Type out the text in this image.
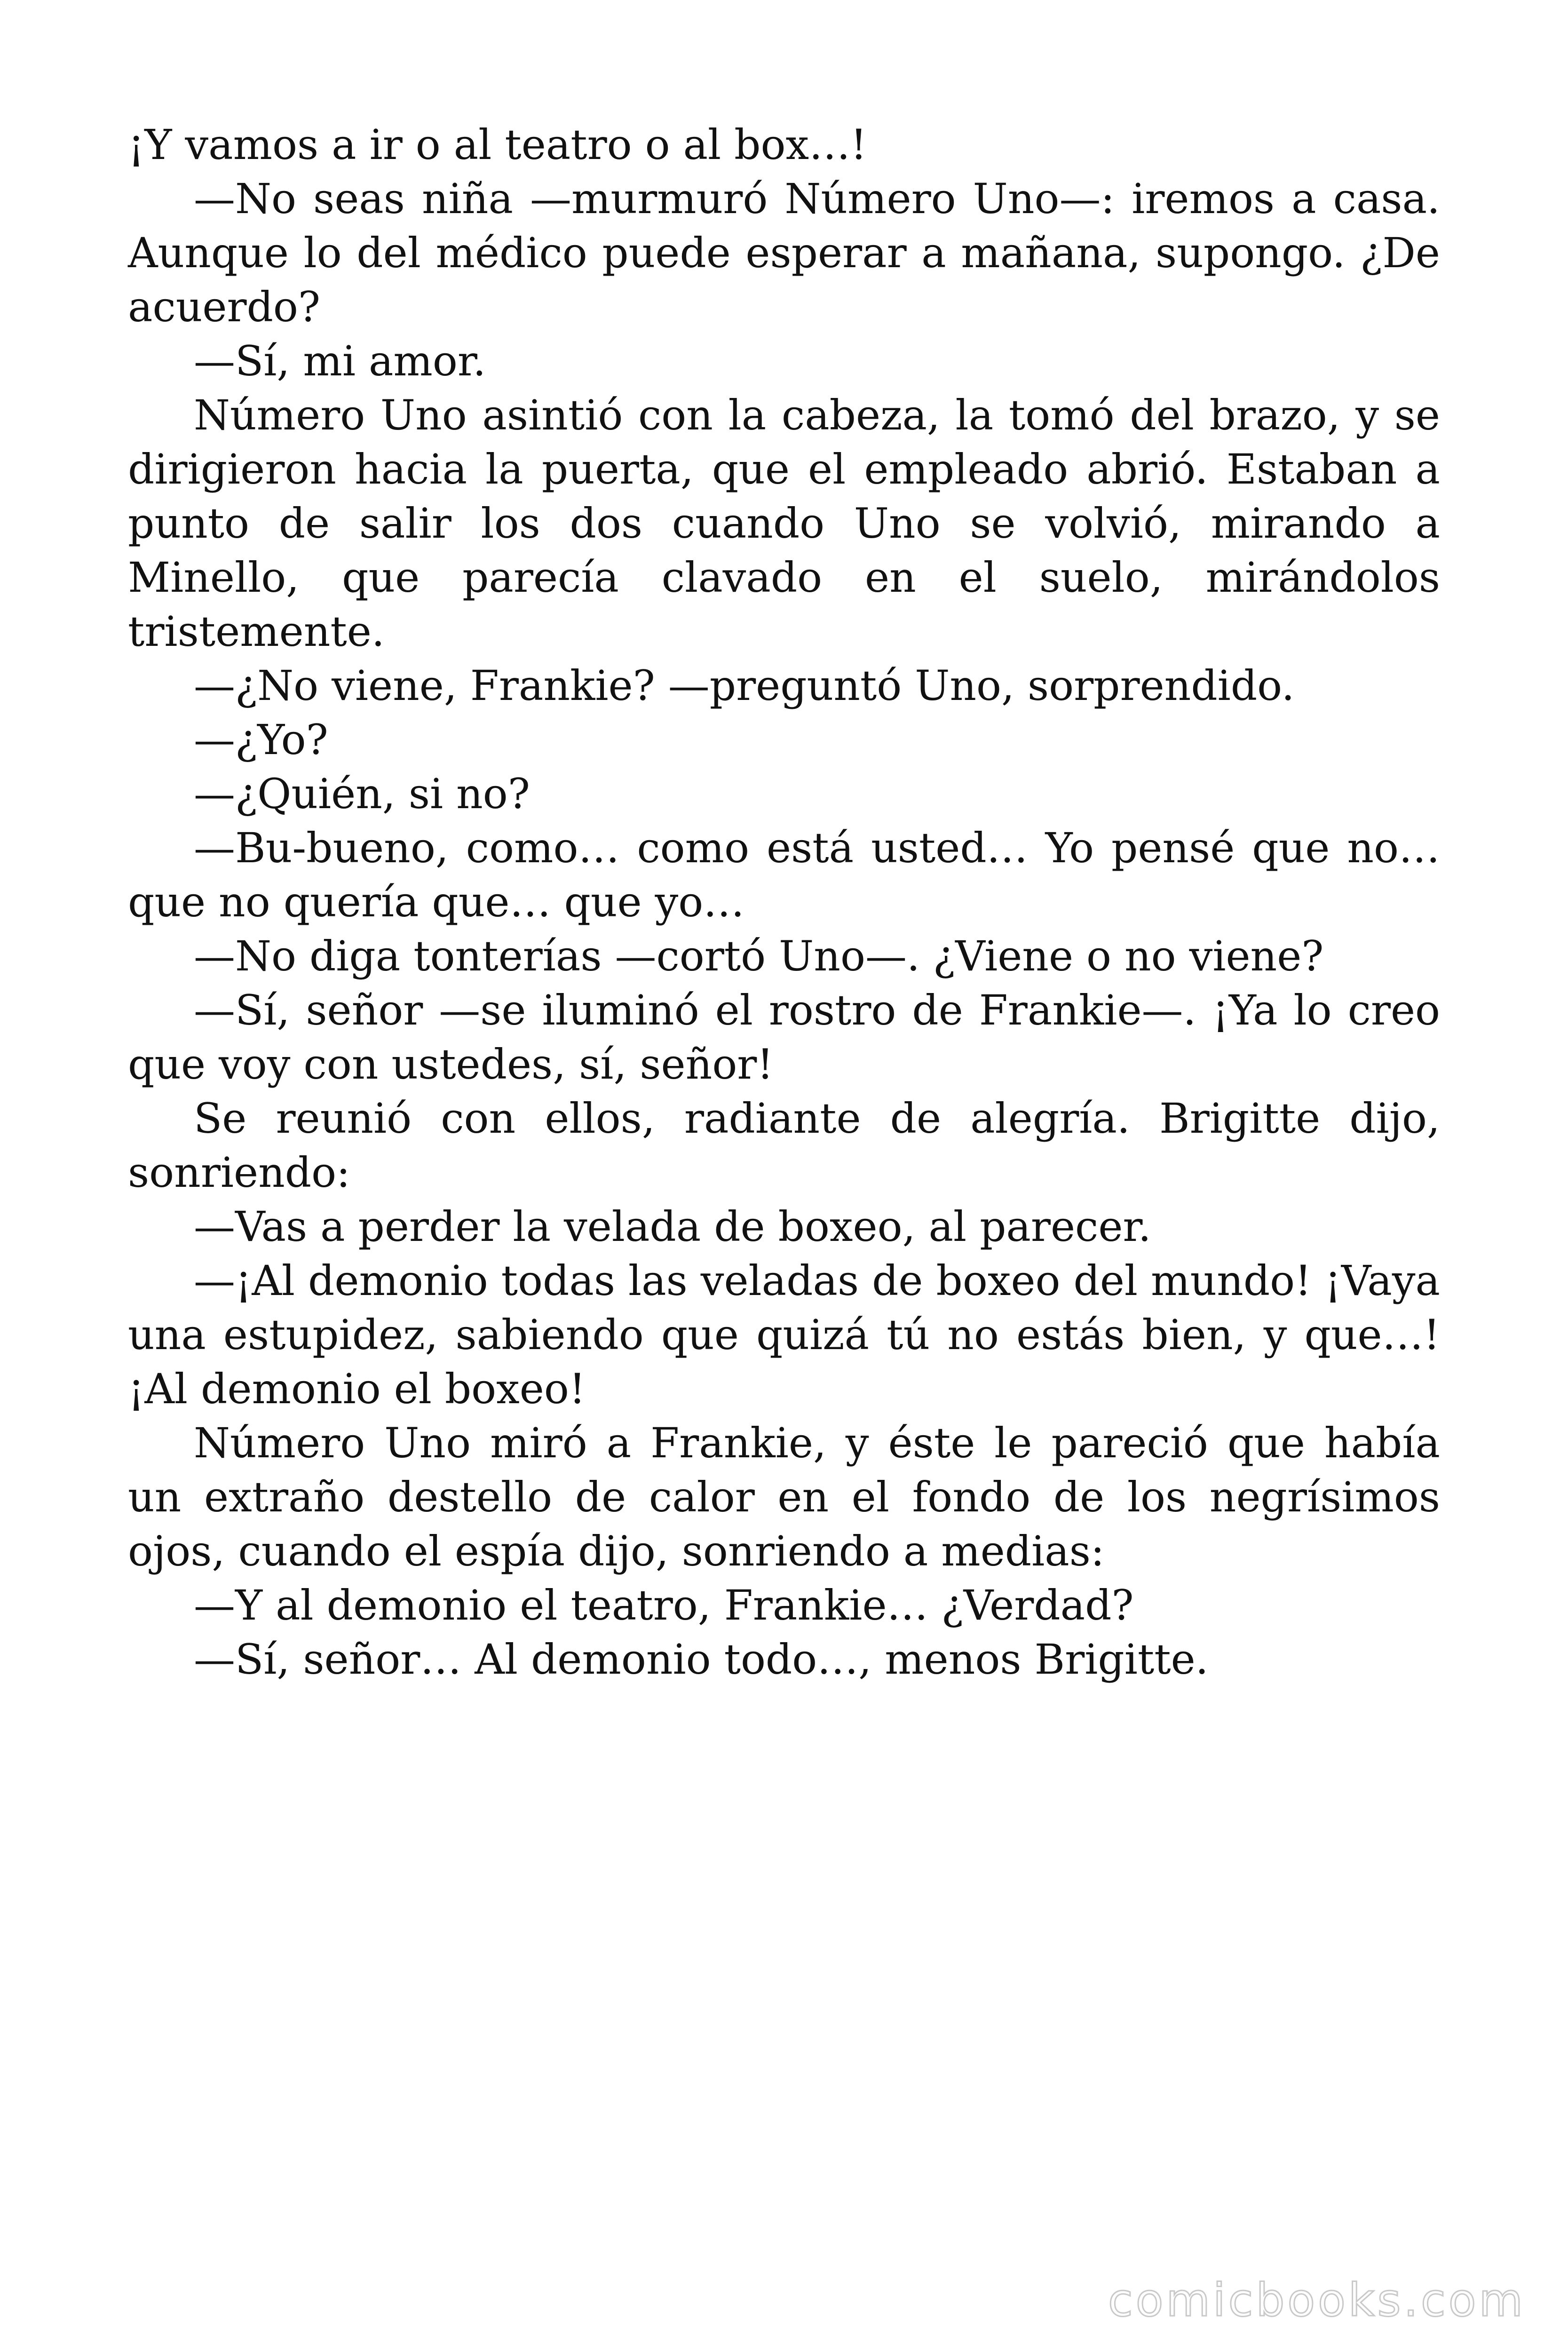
¡Y vamos a ir o al teatro o al box…!

—No seas niña —murmuró Número Uno—: iremos a casa. Aunque lo del médico puede esperar a mañana, supongo. ¿De acuerdo?

—Sí, mi amor.

Número Uno asintió con la cabeza, la tomó del brazo, y se dirigieron hacia la puerta, que el empleado abrió. Estaban a punto de salir los dos cuando Uno se volvió, mirando a Minello, que parecía clavado en el suelo, mirándolos tristemente.

—¿No viene, Frankie? —preguntó Uno, sorprendido.

—¿Yo?

—¿Quién, si no?

—Bu-bueno, como… como está usted… Yo pensé que no… que no quería que… que yo…

—No diga tonterías —cortó Uno—. ¿Viene o no viene?

—Sí, señor —se iluminó el rostro de Frankie—. ¡Ya lo creo que voy con ustedes, sí, señor!

Se reunió con ellos, radiante de alegría. Brigitte dijo, sonriendo:

—Vas a perder la velada de boxeo, al parecer.

—¡Al demonio todas las veladas de boxeo del mundo! ¡Vaya una estupidez, sabiendo que quizá tú no estás bien, y que…! ¡Al demonio el boxeo!

Número Uno miró a Frankie, y éste le pareció que había un extraño destello de calor en el fondo de los negrísimos ojos, cuando el espía dijo, sonriendo a medias:

—Y al demonio el teatro, Frankie… ¿Verdad?

—Sí, señor… Al demonio todo…, menos Brigitte.

comicbooks.com
